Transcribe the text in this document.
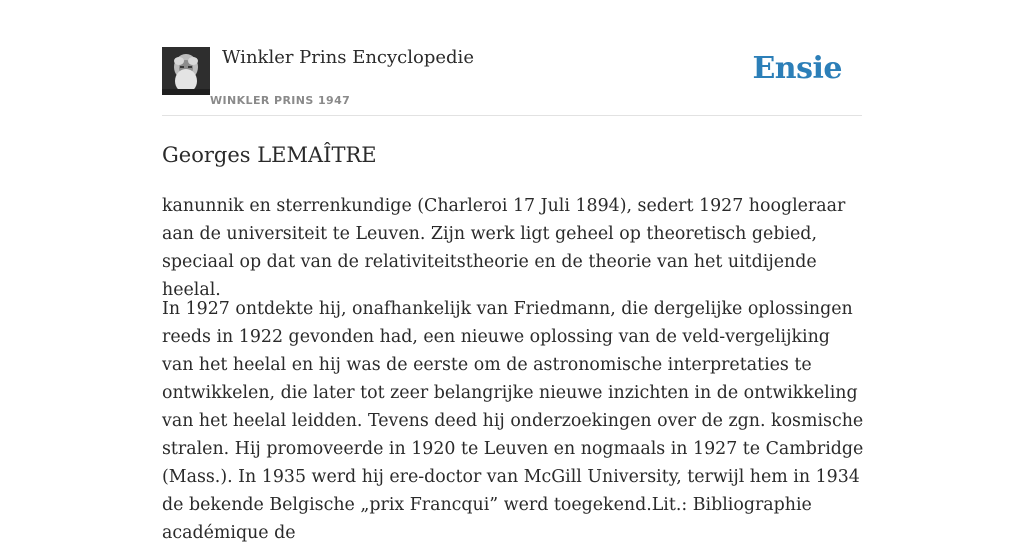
Winkler Prins Encyclopedie
WINKLER PRINS 1947
Ensie
Georges LEMAÎTRE

kanunnik en sterrenkundige (Charleroi 17 Juli 1894), sedert 1927 hoogleraar aan de universiteit te Leuven. Zijn werk ligt geheel op theoretisch gebied, speciaal op dat van de relativiteitstheorie en de theorie van het uitdijende heelal.

In 1927 ontdekte hij, onafhankelijk van Friedmann, die dergelijke oplossingen reeds in 1922 gevonden had, een nieuwe oplossing van de veld-vergelijking van het heelal en hij was de eerste om de astronomische interpretaties te ontwikkelen, die later tot zeer belangrijke nieuwe inzichten in de ontwikkeling van het heelal leidden. Tevens deed hij onderzoekingen over de zgn. kosmische stralen. Hij promoveerde in 1920 te Leuven en nogmaals in 1927 te Cambridge (Mass.). In 1935 werd hij ere-doctor van McGill University, terwijl hem in 1934 de bekende Belgische „prix Francqui” werd toegekend.Lit.: Bibliographie académique de
